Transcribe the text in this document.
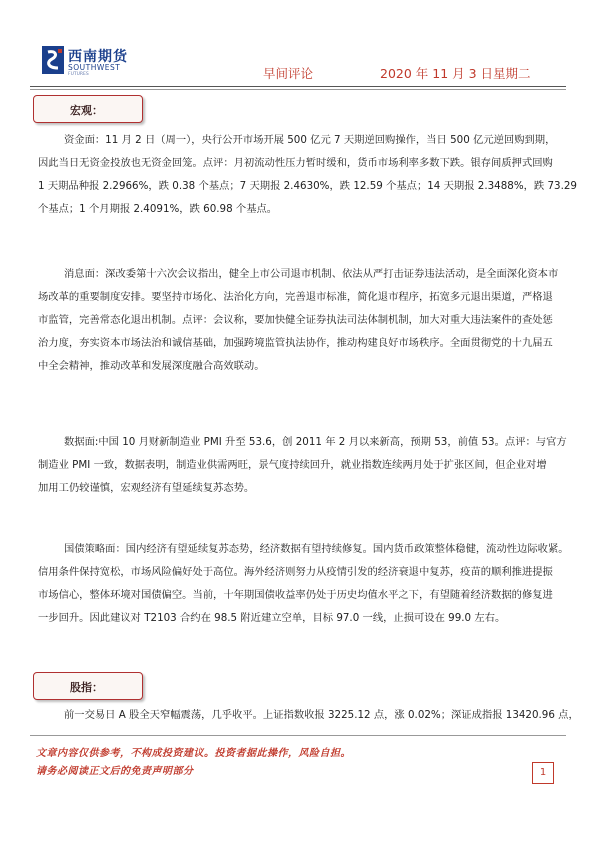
西南期货
SOUTHWEST
FUTURES	早间评论	2020 年 11 月 3 日星期二
宏观：
资金面：11 月 2 日（周一），央行公开市场开展 500 亿元 7 天期逆回购操作，当日 500 亿元逆回购到期，
因此当日无资金投放也无资金回笼。点评：月初流动性压力暂时缓和，货币市场利率多数下跌。银存间质押式回购
1 天期品种报 2.2966%，跌 0.38 个基点；7 天期报 2.4630%，跌 12.59 个基点；14 天期报 2.3488%，跌 73.29
个基点；1 个月期报 2.4091%，跌 60.98 个基点。
消息面：深改委第十六次会议指出，健全上市公司退市机制、依法从严打击证券违法活动，是全面深化资本市
场改革的重要制度安排。要坚持市场化、法治化方向，完善退市标准，简化退市程序，拓宽多元退出渠道，严格退
市监管，完善常态化退出机制。点评：会议称，要加快健全证券执法司法体制机制，加大对重大违法案件的查处惩
治力度，夯实资本市场法治和诚信基础，加强跨境监管执法协作，推动构建良好市场秩序。全面贯彻党的十九届五
中全会精神，推动改革和发展深度融合高效联动。
数据面:中国 10 月财新制造业 PMI 升至 53.6，创 2011 年 2 月以来新高，预期 53，前值 53。点评：与官方
制造业 PMI 一致，数据表明，制造业供需两旺，景气度持续回升，就业指数连续两月处于扩张区间，但企业对增
加用工仍较谨慎，宏观经济有望延续复苏态势。
国债策略面：国内经济有望延续复苏态势，经济数据有望持续修复。国内货币政策整体稳健，流动性边际收紧。
信用条件保持宽松，市场风险偏好处于高位。海外经济则努力从疫情引发的经济衰退中复苏，疫苗的顺利推进提振
市场信心，整体环境对国债偏空。当前，十年期国债收益率仍处于历史均值水平之下，有望随着经济数据的修复进
一步回升。因此建议对 T2103 合约在 98.5 附近建立空单，目标 97.0 一线，止损可设在 99.0 左右。
股指：
前一交易日 A 股全天窄幅震荡，几乎收平。上证指数收报 3225.12 点，涨 0.02%；深证成指报 13420.96 点，
文章内容仅供参考，不构成投资建议。投资者据此操作，风险自担。
请务必阅读正文后的免责声明部分	1
